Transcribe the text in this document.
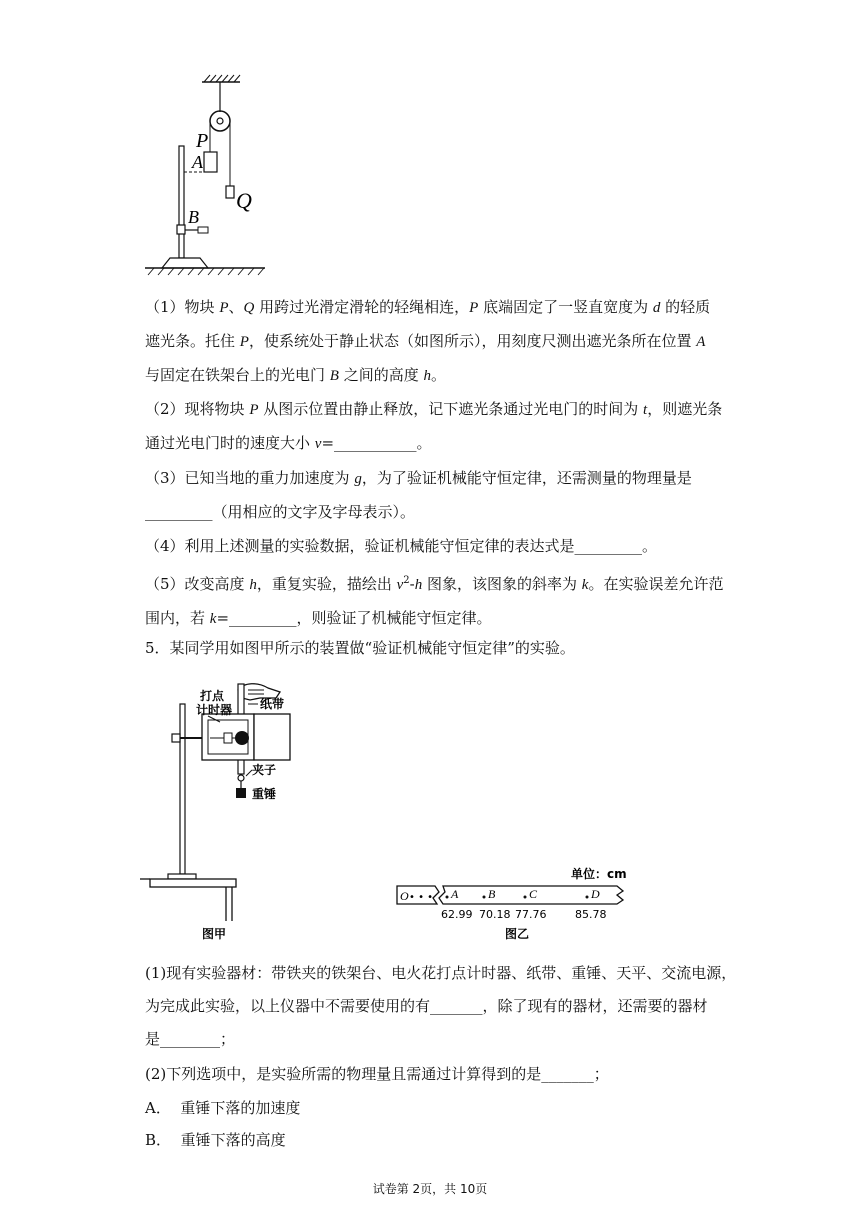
P
A
Q
B
（1）物块 P、Q 用跨过光滑定滑轮的轻绳相连，P 底端固定了一竖直宽度为 d 的轻质
遮光条。托住 P，使系统处于静止状态（如图所示），用刻度尺测出遮光条所在位置 A
与固定在铁架台上的光电门 B 之间的高度 h。
（2）现将物块 P 从图示位置由静止释放，记下遮光条通过光电门的时间为 t，则遮光条
通过光电门时的速度大小 v=___________。
（3）已知当地的重力加速度为 g，为了验证机械能守恒定律，还需测量的物理量是
_________（用相应的文字及字母表示）。
（4）利用上述测量的实验数据，验证机械能守恒定律的表达式是_________。
（5）改变高度 h，重复实验，描绘出 $v^2-h$ 图象，该图象的斜率为 k。在实验误差允许范
围内，若 k=_________，则验证了机械能守恒定律。
5．某同学用如图甲所示的装置做“验证机械能守恒定律”的实验。
打点
计时器 纸带
夹子
重锤
图甲
单位：cm
O • • • A B	C	D
62.99 70.18 77.76	85.78
图乙
(1)现有实验器材：带铁夹的铁架台、电火花打点计时器、纸带、重锤、天平、交流电源，
为完成此实验，以上仪器中不需要使用的有_______，除了现有的器材，还需要的器材
是________；
(2)下列选项中，是实验所需的物理量且需通过计算得到的是_______；
A． 重锤下落的加速度
B． 重锤下落的高度
试卷第 2页，共 10页
